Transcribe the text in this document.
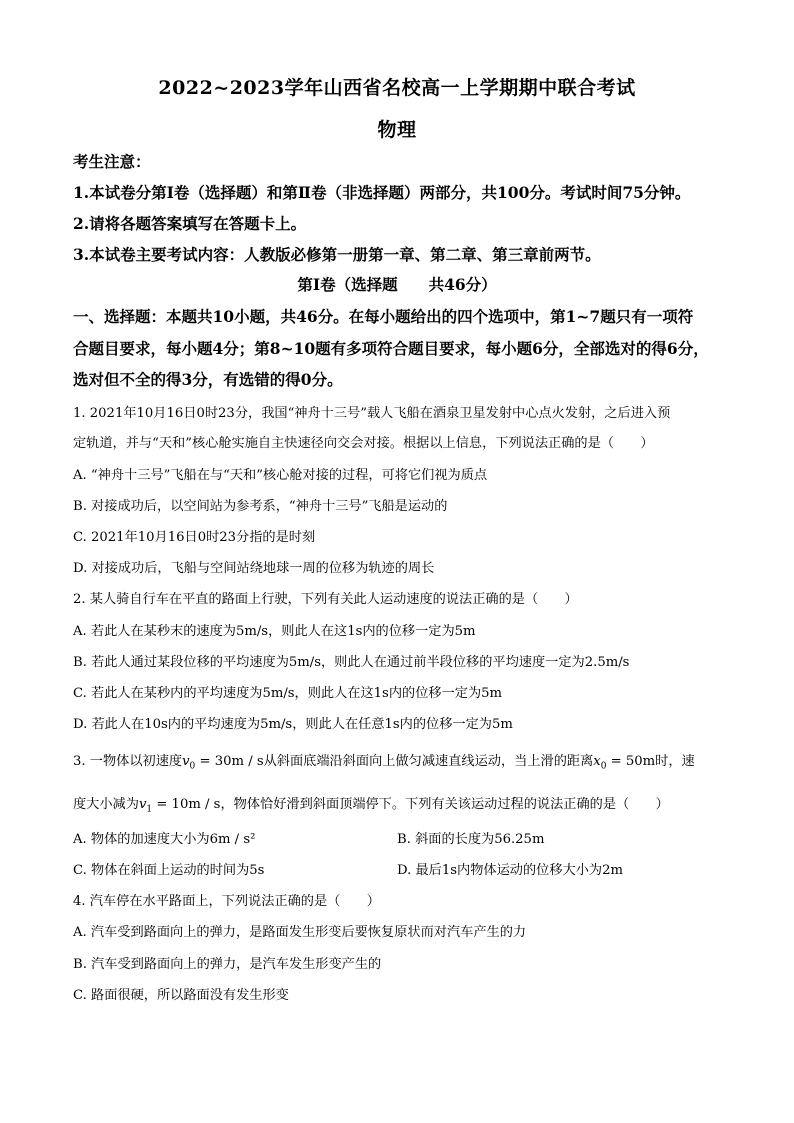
2022~2023学年山西省名校高一上学期期中联合考试
物理
考生注意：
1.本试卷分第Ⅰ卷（选择题）和第Ⅱ卷（非选择题）两部分，共100分。考试时间75分钟。
2.请将各题答案填写在答题卡上。
3.本试卷主要考试内容：人教版必修第一册第一章、第二章、第三章前两节。
第Ⅰ卷（选择题　　共46分）
一、选择题：本题共10小题，共46分。在每小题给出的四个选项中，第1~7题只有一项符
合题目要求，每小题4分；第8~10题有多项符合题目要求，每小题6分，全部选对的得6分，
选对但不全的得3分，有选错的得0分。
1. 2021年10月16日0时23分，我国“神舟十三号”载人飞船在酒泉卫星发射中心点火发射，之后进入预
定轨道，并与“天和”核心舱实施自主快速径向交会对接。根据以上信息，下列说法正确的是（　　）
A. “神舟十三号”飞船在与“天和”核心舱对接的过程，可将它们视为质点
B. 对接成功后，以空间站为参考系，“神舟十三号”飞船是运动的
C. 2021年10月16日0时23分指的是时刻
D. 对接成功后，飞船与空间站绕地球一周的位移为轨迹的周长
2. 某人骑自行车在平直的路面上行驶，下列有关此人运动速度的说法正确的是（　　）
A. 若此人在某秒末的速度为5m/s，则此人在这1s内的位移一定为5m
B. 若此人通过某段位移的平均速度为5m/s，则此人在通过前半段位移的平均速度一定为2.5m/s
C. 若此人在某秒内的平均速度为5m/s，则此人在这1s内的位移一定为5m
D. 若此人在10s内的平均速度为5m/s，则此人在任意1s内的位移一定为5m
3. 一物体以初速度$v_0 = 30m / s$从斜面底端沿斜面向上做匀减速直线运动，当上滑的距离$x_0 = 50m$时，速
度大小减为$v_1 = 10m / s$，物体恰好滑到斜面顶端停下。下列有关该运动过程的说法正确的是（　　）
A. 物体的加速度大小为6m / s²	B. 斜面的长度为56.25m
C. 物体在斜面上运动的时间为5s	D. 最后1s内物体运动的位移大小为2m
4. 汽车停在水平路面上，下列说法正确的是（　　）
A. 汽车受到路面向上的弹力，是路面发生形变后要恢复原状而对汽车产生的力
B. 汽车受到路面向上的弹力，是汽车发生形变产生的
C. 路面很硬，所以路面没有发生形变
